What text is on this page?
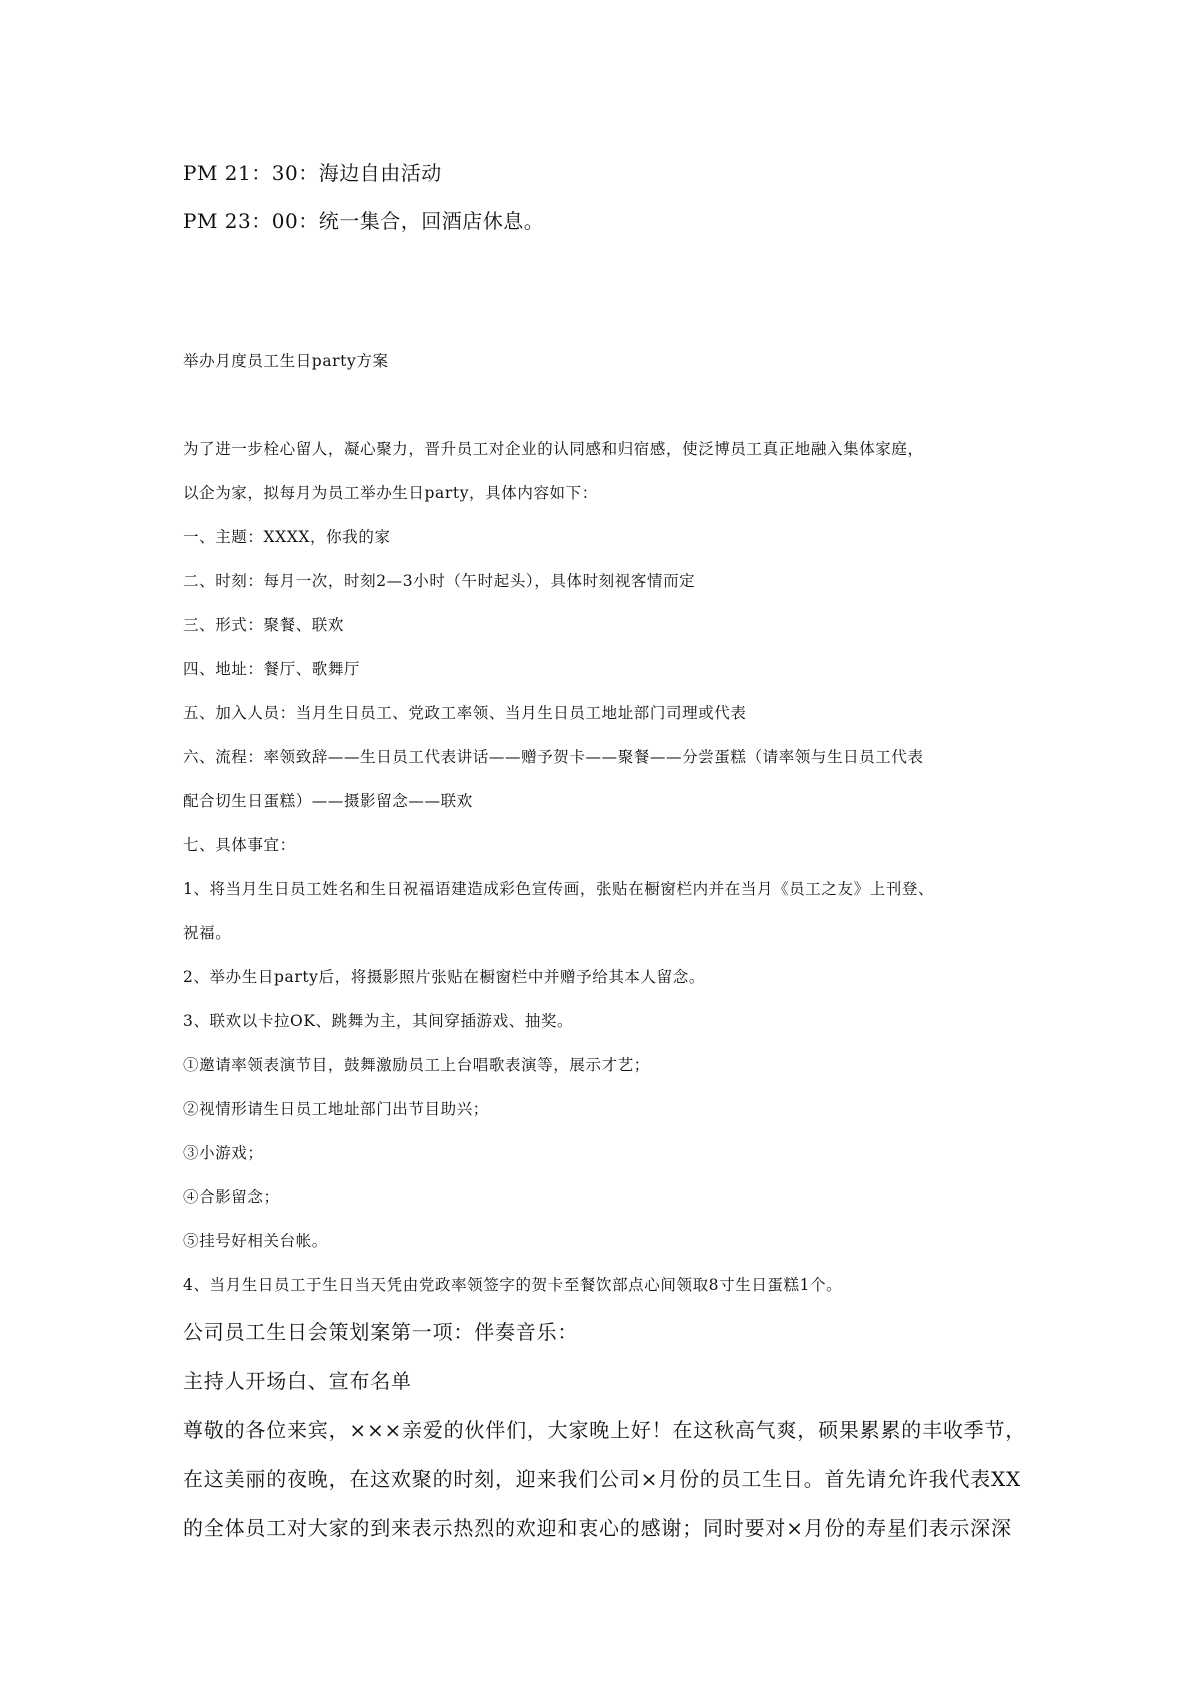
PM 21：30：海边自由活动
PM 23：00：统一集合，回酒店休息。
举办月度员工生日party方案
为了进一步栓心留人，凝心聚力，晋升员工对企业的认同感和归宿感，使泛博员工真正地融入集体家庭，
以企为家，拟每月为员工举办生日party，具体内容如下：
一、主题：XXXX，你我的家
二、时刻：每月一次，时刻2—3小时（午时起头），具体时刻视客情而定
三、形式：聚餐、联欢
四、地址：餐厅、歌舞厅
五、加入人员：当月生日员工、党政工率领、当月生日员工地址部门司理或代表
六、流程：率领致辞——生日员工代表讲话——赠予贺卡——聚餐——分尝蛋糕（请率领与生日员工代表
配合切生日蛋糕）——摄影留念——联欢
七、具体事宜：
1、将当月生日员工姓名和生日祝福语建造成彩色宣传画，张贴在橱窗栏内并在当月《员工之友》上刊登、
祝福。
2、举办生日party后，将摄影照片张贴在橱窗栏中并赠予给其本人留念。
3、联欢以卡拉OK、跳舞为主，其间穿插游戏、抽奖。
①邀请率领表演节目，鼓舞激励员工上台唱歌表演等，展示才艺；
②视情形请生日员工地址部门出节目助兴；
③小游戏；
④合影留念；
⑤挂号好相关台帐。
4、当月生日员工于生日当天凭由党政率领签字的贺卡至餐饮部点心间领取8寸生日蛋糕1个。
公司员工生日会策划案第一项：伴奏音乐：
主持人开场白、宣布名单
尊敬的各位来宾，×××亲爱的伙伴们，大家晚上好！在这秋高气爽，硕果累累的丰收季节，
在这美丽的夜晚，在这欢聚的时刻，迎来我们公司×月份的员工生日。首先请允许我代表XX
的全体员工对大家的到来表示热烈的欢迎和衷心的感谢；同时要对×月份的寿星们表示深深
